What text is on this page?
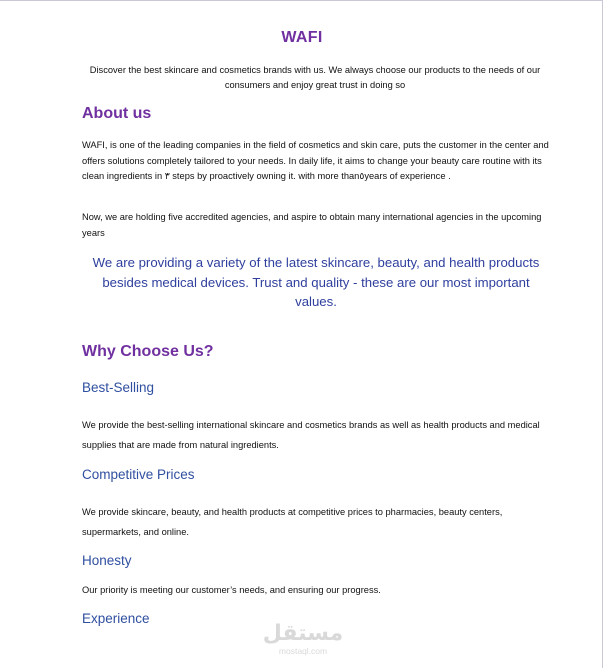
WAFI
Discover the best skincare and cosmetics brands with us. We always choose our products to the needs of our consumers and enjoy great trust in doing so
About us
WAFI, is one of the leading companies in the field of cosmetics and skin care, puts the customer in the center and offers solutions completely tailored to your needs. In daily life, it aims to change your beauty care routine with its clean ingredients in ٣ steps by proactively owning it. with more than٥years of experience .
Now, we are holding five accredited agencies, and aspire to obtain many international agencies in the upcoming years
We are providing a variety of the latest skincare, beauty, and health products besides medical devices. Trust and quality - these are our most important values.
Why Choose Us?
Best-Selling
We provide the best-selling international skincare and cosmetics brands as well as health products and medical supplies that are made from natural ingredients.
Competitive Prices
We provide skincare, beauty, and health products at competitive prices to pharmacies, beauty centers, supermarkets, and online.
Honesty
Our priority is meeting our customer’s needs, and ensuring our progress.
Experience
مستقل
mostaql.com
